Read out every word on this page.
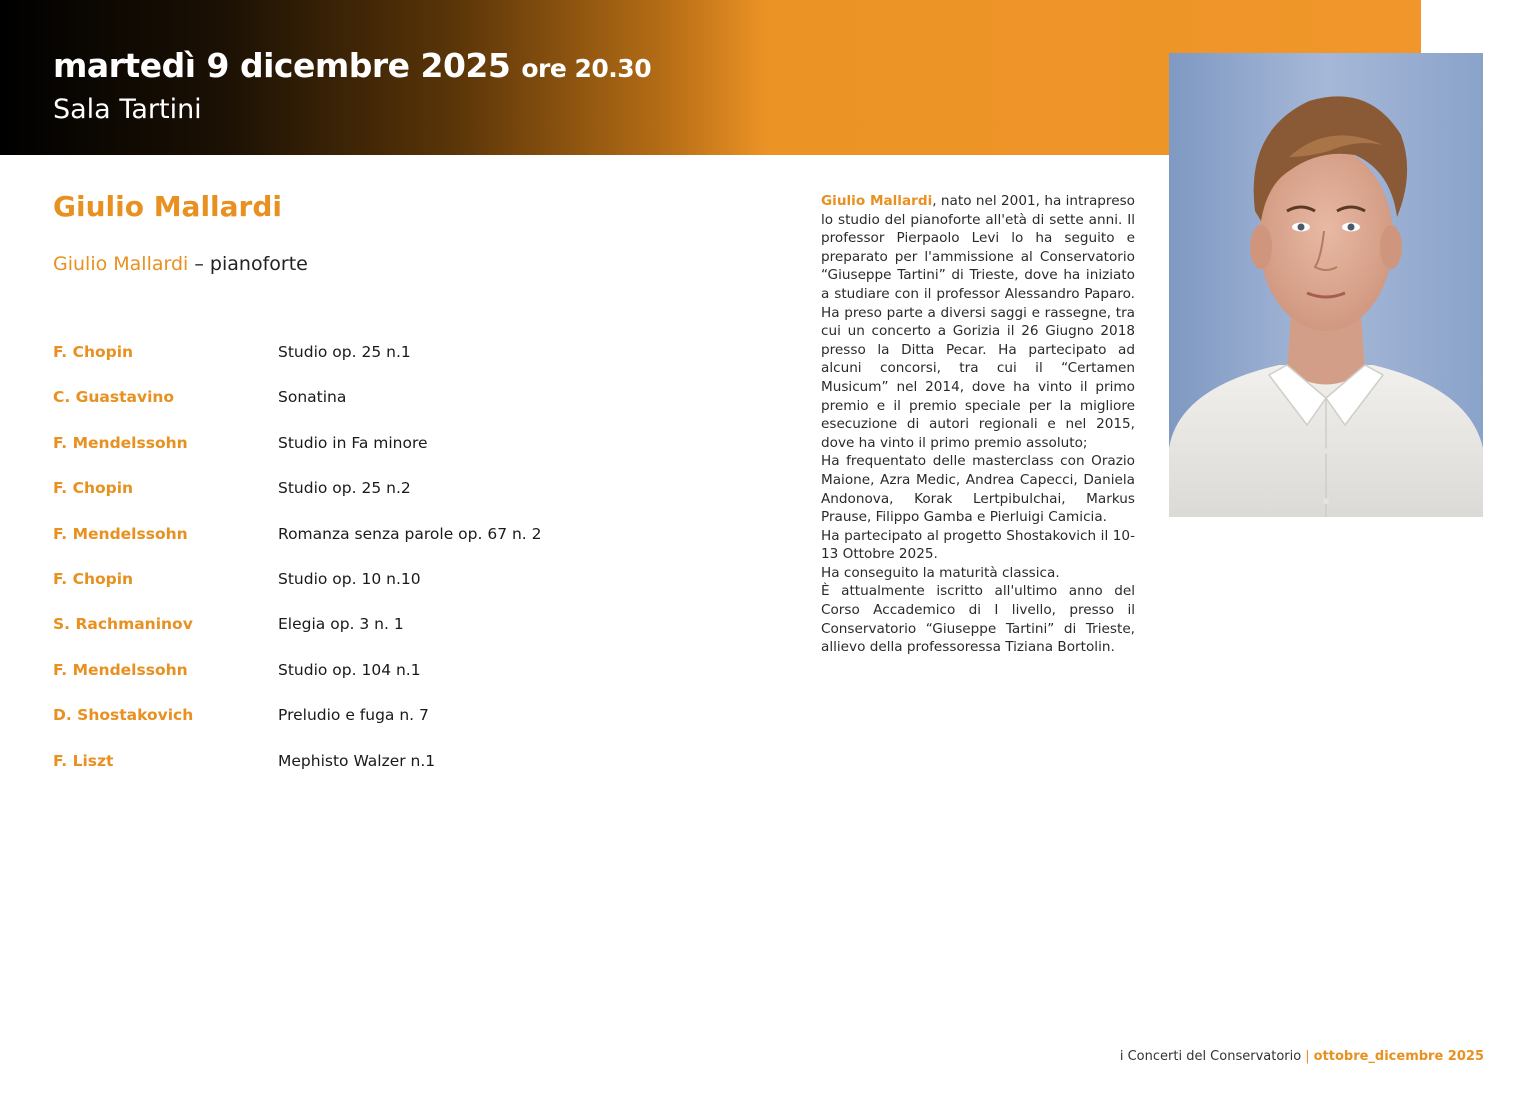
martedì 9 dicembre 2025 ore 20.30
Sala Tartini
Giulio Mallardi
Giulio Mallardi – pianoforte
F. Chopin	Studio op. 25 n.1
C. Guastavino	Sonatina
F. Mendelssohn	Studio in Fa minore
F. Chopin	Studio op. 25 n.2
F. Mendelssohn	Romanza senza parole op. 67 n. 2
F. Chopin	Studio op. 10 n.10
S. Rachmaninov	Elegia op. 3 n. 1
F. Mendelssohn	Studio op. 104 n.1
D. Shostakovich	Preludio e fuga n. 7
F. Liszt	Mephisto Walzer n.1

Giulio Mallardi, nato nel 2001, ha intrapreso lo studio del pianoforte all'età di sette anni. Il professor Pierpaolo Levi lo ha seguito e preparato per l'ammissione al Conservatorio “Giuseppe Tartini” di Trieste, dove ha iniziato a studiare con il professor Alessandro Paparo. Ha preso parte a diversi saggi e rassegne, tra cui un concerto a Gorizia il 26 Giugno 2018 presso la Ditta Pecar. Ha partecipato ad alcuni concorsi, tra cui il “Certamen Musicum” nel 2014, dove ha vinto il primo premio e il premio speciale per la migliore esecuzione di autori regionali e nel 2015, dove ha vinto il primo premio assoluto;

Ha frequentato delle masterclass con Orazio Maione, Azra Medic, Andrea Capecci, Daniela Andonova, Korak Lertpibulchai, Markus Prause, Filippo Gamba e Pierluigi Camicia.

Ha partecipato al progetto Shostakovich il 10-13 Ottobre 2025.

Ha conseguito la maturità classica.

È attualmente iscritto all'ultimo anno del Corso Accademico di I livello, presso il Conservatorio “Giuseppe Tartini” di Trieste, allievo della professoressa Tiziana Bortolin.

i Concerti del Conservatorio | ottobre_dicembre 2025
